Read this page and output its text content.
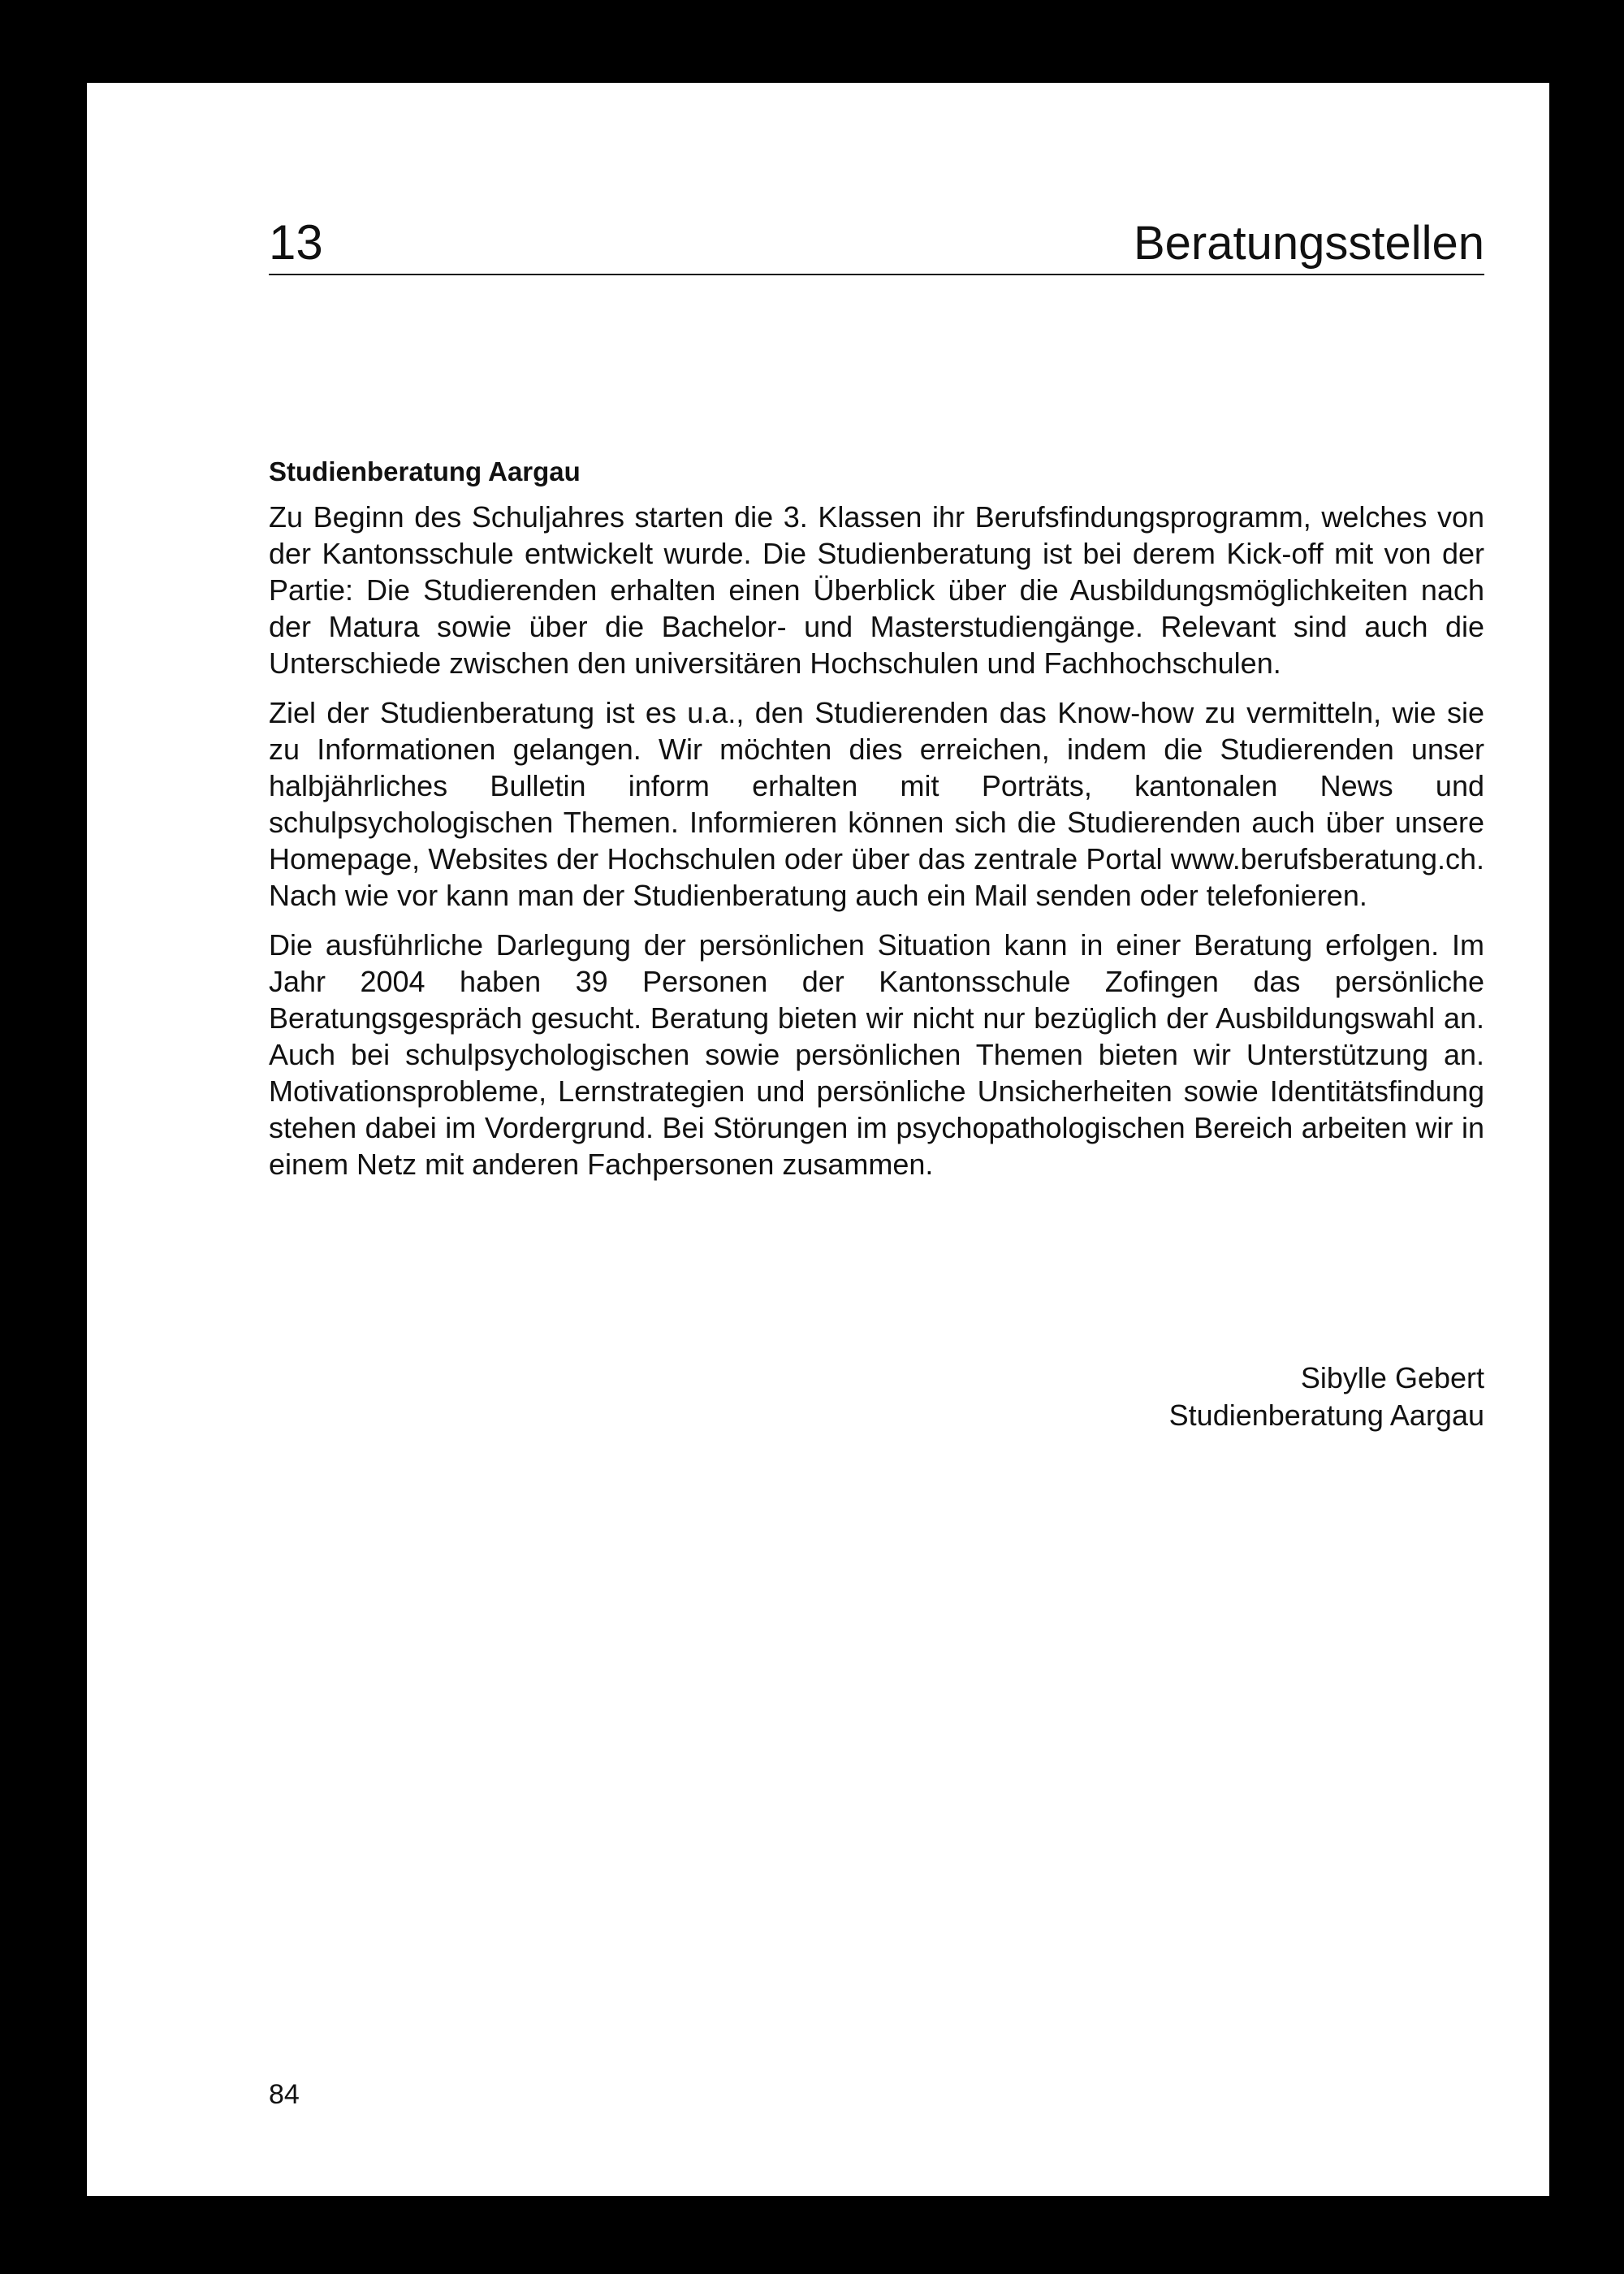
13	Beratungsstellen
Studienberatung Aargau

Zu Beginn des Schuljahres starten die 3. Klassen ihr Berufsfindungsprogramm, welches von der Kantonsschule entwickelt wurde. Die Studienberatung ist bei derem Kick-off mit von der Partie: Die Studierenden erhalten einen Überblick über die Ausbildungsmöglichkeiten nach der Matura sowie über die Bachelor- und Masterstudiengänge. Relevant sind auch die Unterschiede zwischen den universitären Hochschulen und Fachhochschulen.

Ziel der Studienberatung ist es u.a., den Studierenden das Know-how zu vermitteln, wie sie zu Informationen gelangen. Wir möchten dies erreichen, indem die Studierenden unser halbjährliches Bulletin inform erhalten mit Porträts, kantonalen News und schulpsychologischen Themen. Informieren können sich die Studierenden auch über unsere Homepage, Websites der Hochschulen oder über das zentrale Portal www.berufsberatung.ch. Nach wie vor kann man der Studienberatung auch ein Mail senden oder telefonieren.

Die ausführliche Darlegung der persönlichen Situation kann in einer Beratung erfolgen. Im Jahr 2004 haben 39 Personen der Kantonsschule Zofingen das persönliche Beratungsgespräch gesucht. Beratung bieten wir nicht nur bezüglich der Ausbildungswahl an. Auch bei schulpsychologischen sowie persönlichen Themen bieten wir Unterstützung an. Motivationsprobleme, Lernstrategien und persönliche Unsicherheiten sowie Identitätsfindung stehen dabei im Vordergrund. Bei Störungen im psychopathologischen Bereich arbeiten wir in einem Netz mit anderen Fachpersonen zusammen.

Sibylle Gebert
Studienberatung Aargau
84
